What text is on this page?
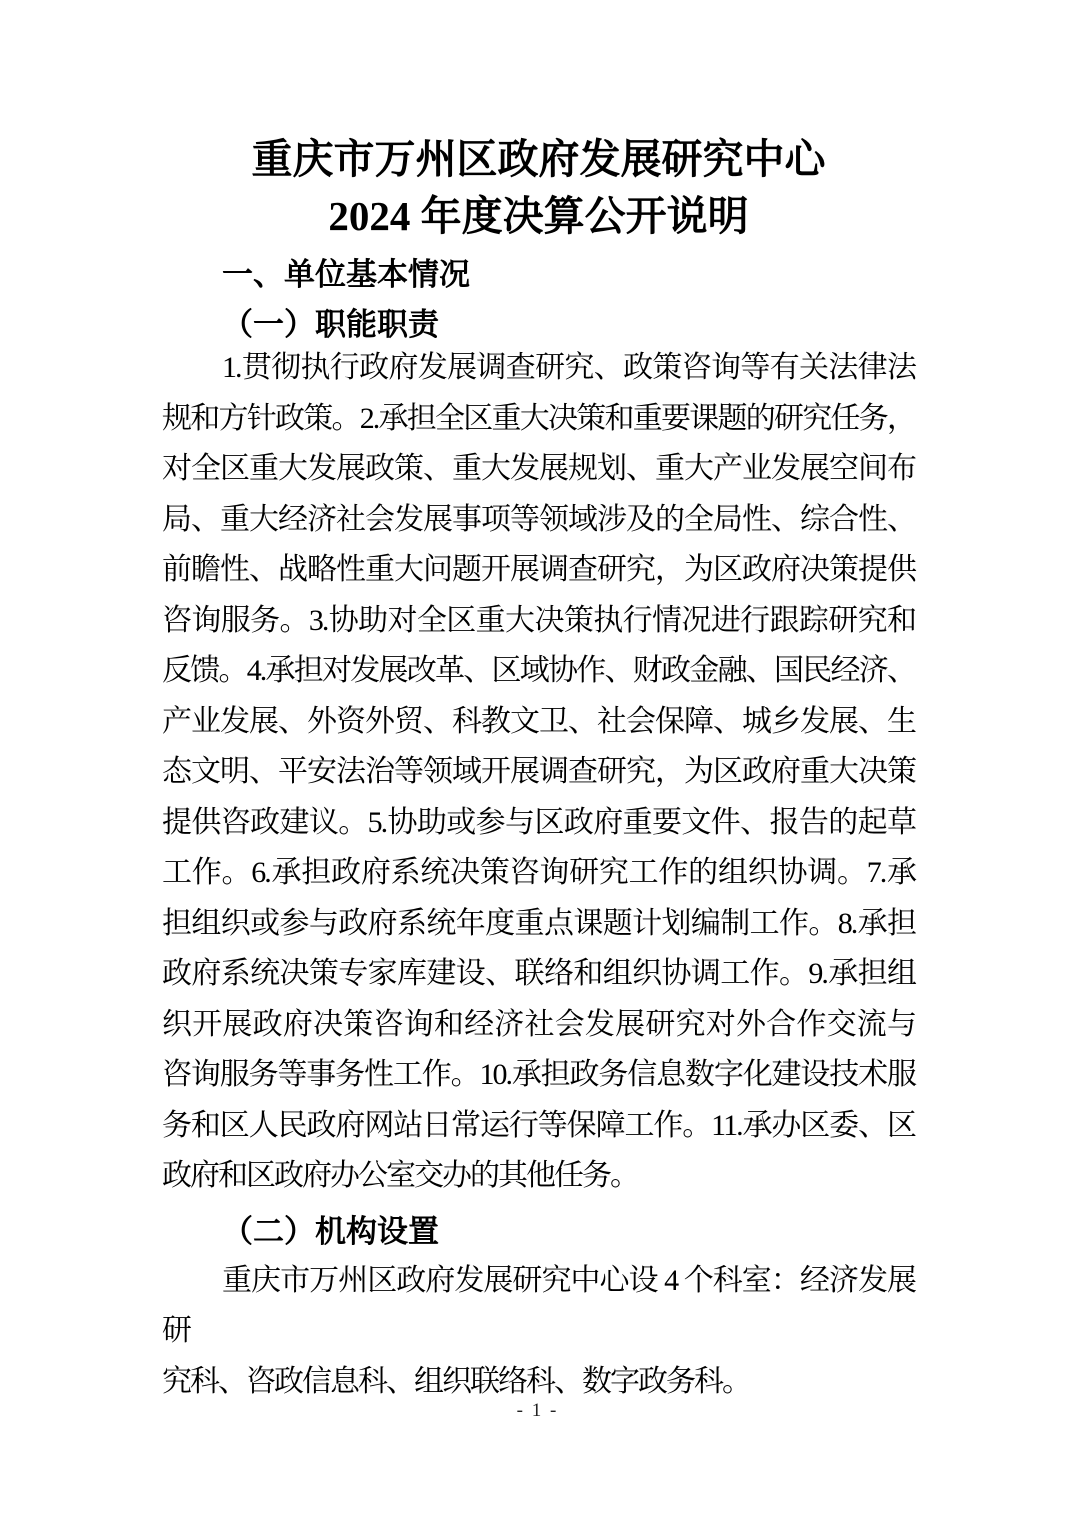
重庆市万州区政府发展研究中心
2024 年度决算公开说明
一、单位基本情况
（一）职能职责
1.贯彻执行政府发展调查研究、政策咨询等有关法律法
规和方针政策。2.承担全区重大决策和重要课题的研究任务，
对全区重大发展政策、重大发展规划、重大产业发展空间布
局、重大经济社会发展事项等领域涉及的全局性、综合性、
前瞻性、战略性重大问题开展调查研究，为区政府决策提供
咨询服务。3.协助对全区重大决策执行情况进行跟踪研究和
反馈。4.承担对发展改革、区域协作、财政金融、国民经济、
产业发展、外资外贸、科教文卫、社会保障、城乡发展、生
态文明、平安法治等领域开展调查研究，为区政府重大决策
提供咨政建议。5.协助或参与区政府重要文件、报告的起草
工作。6.承担政府系统决策咨询研究工作的组织协调。7.承
担组织或参与政府系统年度重点课题计划编制工作。8.承担
政府系统决策专家库建设、联络和组织协调工作。9.承担组
织开展政府决策咨询和经济社会发展研究对外合作交流与
咨询服务等事务性工作。10.承担政务信息数字化建设技术服
务和区人民政府网站日常运行等保障工作。11.承办区委、区
政府和区政府办公室交办的其他任务。
（二）机构设置
重庆市万州区政府发展研究中心设 4 个科室：经济发展研
究科、咨政信息科、组织联络科、数字政务科。
- 1 -
